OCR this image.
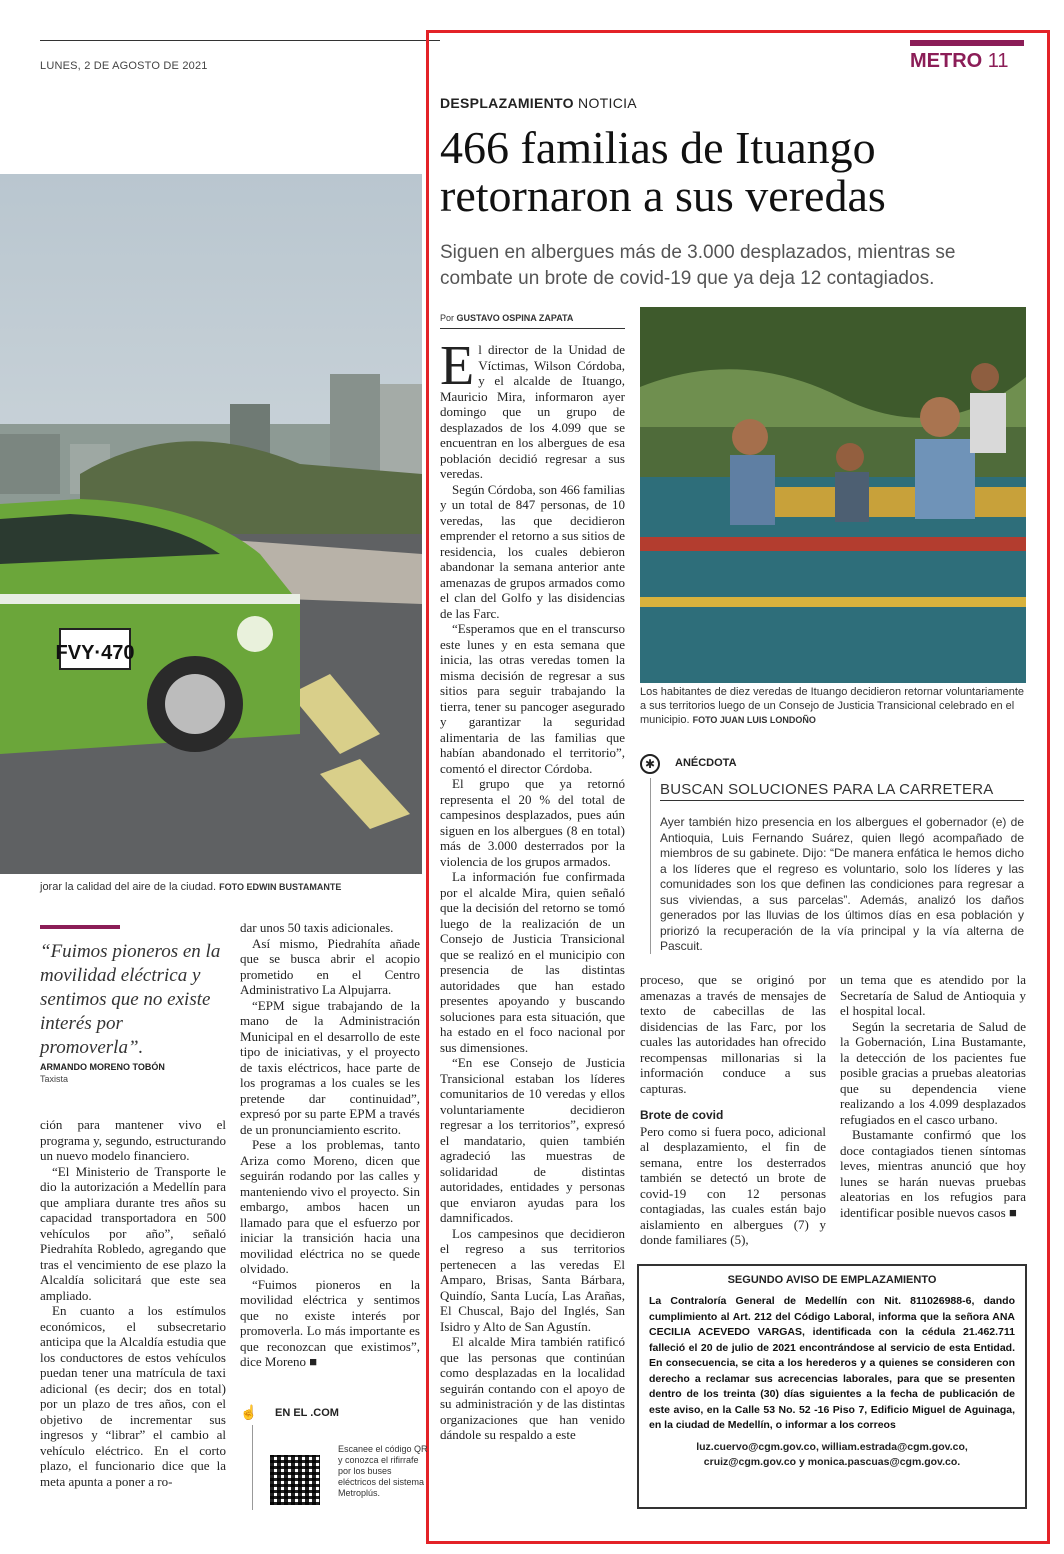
LUNES, 2 DE AGOSTO DE 2021	METRO 11
FVY·470
jorar la calidad del aire de la ciudad. FOTO EDWIN BUSTAMANTE
“Fuimos pioneros en la movilidad eléctrica y sentimos que no existe interés por promoverla”.
ARMANDO MORENO TOBÓN
Taxista

ción para mantener vivo el programa y, segundo, estructurando un nuevo modelo financiero.

“El Ministerio de Transporte le dio la autorización a Medellín para que ampliara durante tres años su capacidad transportadora en 500 vehículos por año”, señaló Piedrahíta Robledo, agregando que tras el vencimiento de ese plazo la Alcaldía solicitará que este sea ampliado.

En cuanto a los estímulos económicos, el subsecretario anticipa que la Alcaldía estudia que los conductores de estos vehículos puedan tener una matrícula de taxi adicional (es decir; dos en total) por un plazo de tres años, con el objetivo de incrementar sus ingresos y “librar” el cambio al vehículo eléctrico. En el corto plazo, el funcionario dice que la meta apunta a poner a ro-

dar unos 50 taxis adicionales.

Así mismo, Piedrahíta añade que se busca abrir el acopio prometido en el Centro Administrativo La Alpujarra.

“EPM sigue trabajando de la mano de la Administración Municipal en el desarrollo de este tipo de iniciativas, y el proyecto de taxis eléctricos, hace parte de los programas a los cuales se les pretende dar continuidad”, expresó por su parte EPM a través de un pronunciamiento escrito.

Pese a los problemas, tanto Ariza como Moreno, dicen que seguirán rodando por las calles y manteniendo vivo el proyecto. Sin embargo, ambos hacen un llamado para que el esfuerzo por iniciar la transición hacia una movilidad eléctrica no se quede olvidado.

“Fuimos pioneros en la movilidad eléctrica y sentimos que no existe interés por promoverla. Lo más importante es que reconozcan que existimos”, dice Moreno ■

☝ EN EL .COM
Escanee el código QR y conozca el rifirrafe por los buses eléctricos del sistema Metroplús.
DESPLAZAMIENTO NOTICIA
466 familias de Ituango retornaron a sus veredas
Siguen en albergues más de 3.000 desplazados, mientras se combate un brote de covid-19 que ya deja 12 contagiados.
Por GUSTAVO OSPINA ZAPATA
E l director de la Unidad de Víctimas, Wilson Córdoba, y el alcalde de Ituango, Mauricio Mira, informaron ayer domingo que un grupo de desplazados de los 4.099 que se encuentran en los albergues de esa población decidió regresar a sus veredas.

Según Córdoba, son 466 familias y un total de 847 personas, de 10 veredas, las que decidieron emprender el retorno a sus sitios de residencia, los cuales debieron abandonar la semana anterior ante amenazas de grupos armados como el clan del Golfo y las disidencias de las Farc.

“Esperamos que en el transcurso este lunes y en esta semana que inicia, las otras veredas tomen la misma decisión de regresar a sus sitios para seguir trabajando la tierra, tener su pancoger asegurado y garantizar la seguridad alimentaria de las familias que habían abandonado el territorio”, comentó el director Córdoba.

El grupo que ya retornó representa el 20 % del total de campesinos desplazados, pues aún siguen en los albergues (8 en total) más de 3.000 desterrados por la violencia de los grupos armados.

La información fue confirmada por el alcalde Mira, quien señaló que la decisión del retorno se tomó luego de la realización de un Consejo de Justicia Transicional que se realizó en el municipio con presencia de las distintas autoridades que han estado presentes apoyando y buscando soluciones para esta situación, que ha estado en el foco nacional por sus dimensiones.

“En ese Consejo de Justicia Transicional estaban los líderes comunitarios de 10 veredas y ellos voluntariamente decidieron regresar a los territorios”, expresó el mandatario, quien también agradeció las muestras de solidaridad de distintas autoridades, entidades y personas que enviaron ayudas para los damnificados.

Los campesinos que decidieron el regreso a sus territorios pertenecen a las veredas El Amparo, Brisas, Santa Bárbara, Quindío, Santa Lucía, Las Arañas, El Chuscal, Bajo del Inglés, San Isidro y Alto de San Agustín.

El alcalde Mira también ratificó que las personas que continúan como desplazadas en la localidad seguirán contando con el apoyo de su administración y de las distintas organizaciones que han venido dándole su respaldo a este

Los habitantes de diez veredas de Ituango decidieron retornar voluntariamente a sus territorios luego de un Consejo de Justicia Transicional celebrado en el municipio. FOTO JUAN LUIS LONDOÑO
✱	ANÉCDOTA
BUSCAN SOLUCIONES PARA LA CARRETERA
Ayer también hizo presencia en los albergues el gobernador (e) de Antioquia, Luis Fernando Suárez, quien llegó acompañado de miembros de su gabinete. Dijo: “De manera enfática le hemos dicho a los líderes que el regreso es voluntario, solo los líderes y las comunidades son los que definen las condiciones para regresar a sus viviendas, a sus parcelas”. Además, analizó los daños generados por las lluvias de los últimos días en esa población y priorizó la recuperación de la vía principal y la vía alterna de Pascuit.

proceso, que se originó por amenazas a través de mensajes de texto de cabecillas de las disidencias de las Farc, por los cuales las autoridades han ofrecido recompensas millonarias si la información conduce a sus capturas.

Brote de covid

Pero como si fuera poco, adicional al desplazamiento, el fin de semana, entre los desterrados también se detectó un brote de covid-19 con 12 personas contagiadas, las cuales están bajo aislamiento en albergues (7) y donde familiares (5),

un tema que es atendido por la Secretaría de Salud de Antioquia y el hospital local.

Según la secretaria de Salud de la Gobernación, Lina Bustamante, la detección de los pacientes fue posible gracias a pruebas aleatorias que su dependencia viene realizando a los 4.099 desplazados refugiados en el casco urbano.

Bustamante confirmó que los doce contagiados tienen síntomas leves, mientras anunció que hoy lunes se harán nuevas pruebas aleatorias en los refugios para identificar posible nuevos casos ■

SEGUNDO AVISO DE EMPLAZAMIENTO
La Contraloría General de Medellín con Nit. 811026988-6, dando cumplimiento al Art. 212 del Código Laboral, informa que la señora ANA CECILIA ACEVEDO VARGAS, identificada con la cédula 21.462.711 falleció el 20 de julio de 2021 encontrándose al servicio de esta Entidad. En consecuencia, se cita a los herederos y a quienes se consideren con derecho a reclamar sus acrecencias laborales, para que se presenten dentro de los treinta (30) días siguientes a la fecha de publicación de este aviso, en la Calle 53 No. 52 -16 Piso 7, Edificio Miguel de Aguinaga, en la ciudad de Medellín, o informar a los correos
luz.cuervo@cgm.gov.co, william.estrada@cgm.gov.co, cruiz@cgm.gov.co y monica.pascuas@cgm.gov.co.
